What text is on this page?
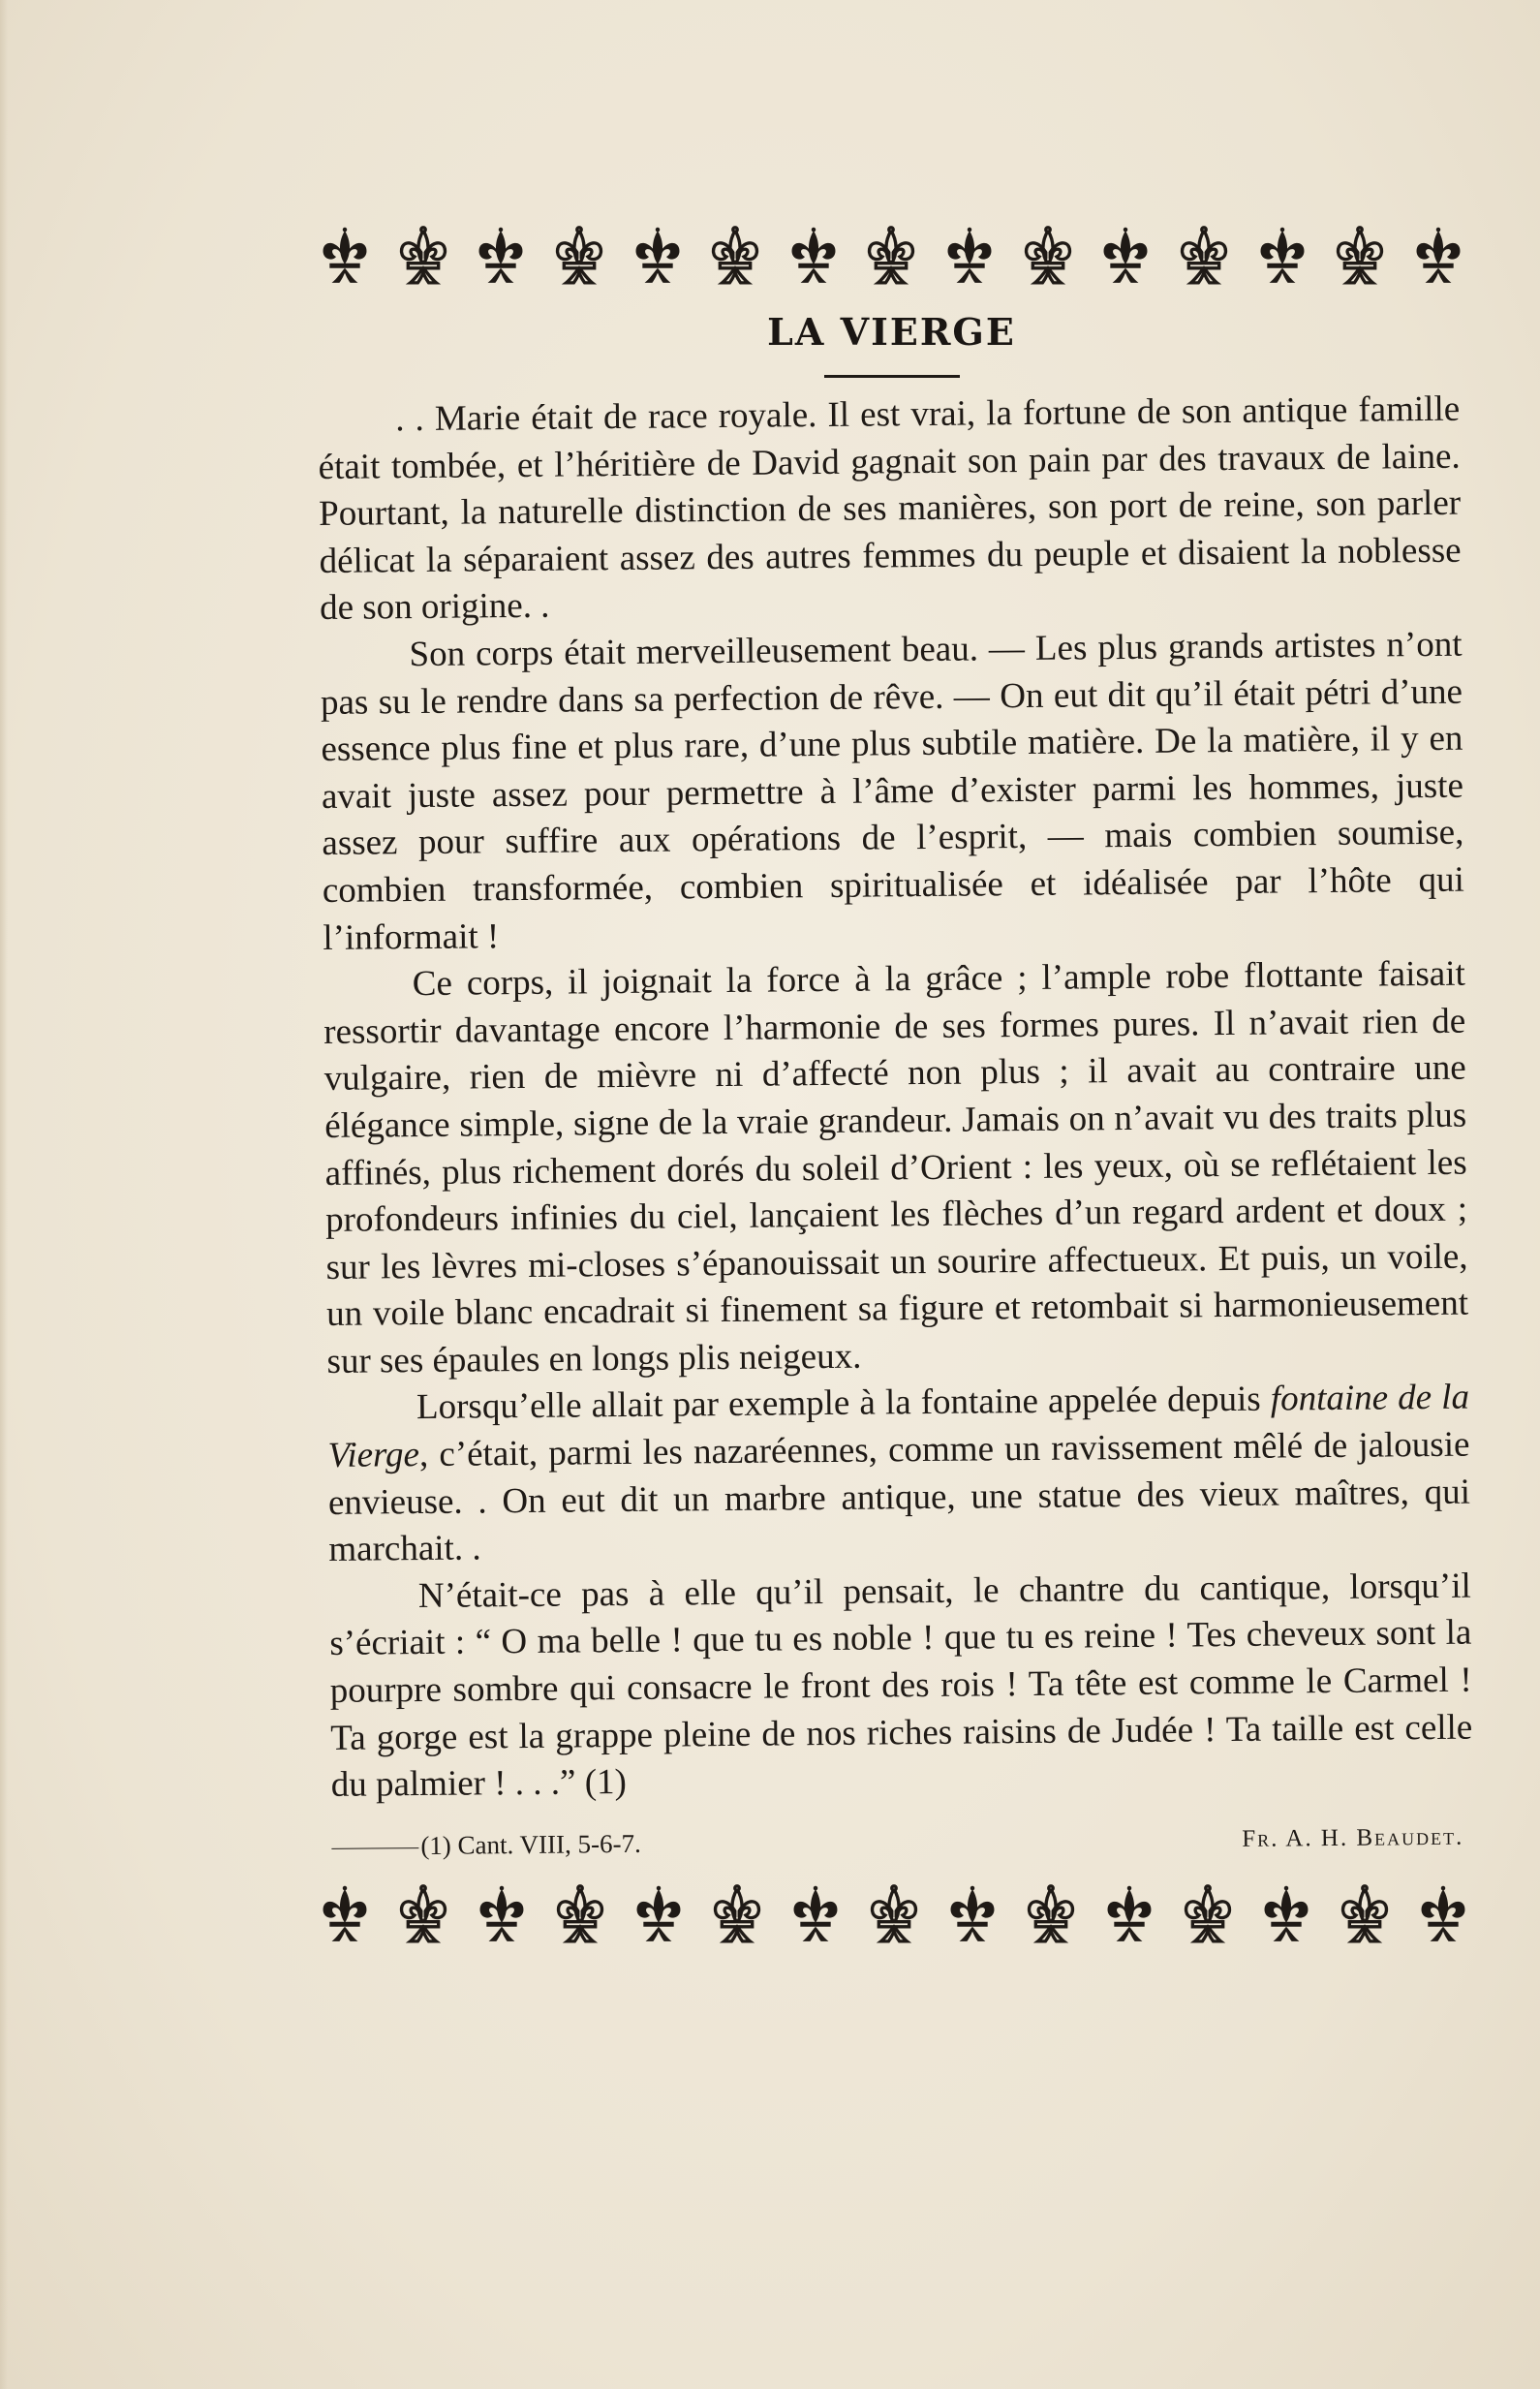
LA VIERGE

. . Marie était de race royale. Il est vrai, la fortune de son antique famille était tombée, et l’héritière de David gagnait son pain par des travaux de laine. Pourtant, la naturelle distinction de ses manières, son port de reine, son parler délicat la séparaient assez des autres femmes du peuple et disaient la noblesse de son origine. .

Son corps était merveilleusement beau. — Les plus grands artistes n’ont pas su le rendre dans sa perfection de rêve. — On eut dit qu’il était pétri d’une essence plus fine et plus rare, d’une plus subtile matière. De la matière, il y en avait juste assez pour permettre à l’âme d’exister parmi les hommes, juste assez pour suffire aux opérations de l’esprit, — mais combien soumise, combien transformée, combien spiritualisée et idéalisée par l’hôte qui l’informait !

Ce corps, il joignait la force à la grâce ; l’ample robe flottante faisait ressortir davantage encore l’harmonie de ses formes pures. Il n’avait rien de vulgaire, rien de mièvre ni d’affecté non plus ; il avait au contraire une élégance simple, signe de la vraie grandeur. Jamais on n’avait vu des traits plus affinés, plus richement dorés du soleil d’Orient : les yeux, où se reflétaient les profondeurs infinies du ciel, lançaient les flèches d’un regard ardent et doux ; sur les lèvres mi-closes s’épanouissait un sourire affectueux. Et puis, un voile, un voile blanc encadrait si finement sa figure et retombait si harmonieusement sur ses épaules en longs plis neigeux.

Lorsqu’elle allait par exemple à la fontaine appelée depuis fontaine de la Vierge, c’était, parmi les nazaréennes, comme un ravissement mêlé de jalousie envieuse. . On eut dit un marbre antique, une statue des vieux maîtres, qui marchait. .

N’était-ce pas à elle qu’il pensait, le chantre du cantique, lorsqu’il s’écriait : “ O ma belle ! que tu es noble ! que tu es reine ! Tes cheveux sont la pourpre sombre qui consacre le front des rois ! Ta tête est comme le Carmel ! Ta gorge est la grappe pleine de nos riches raisins de Judée ! Ta taille est celle du palmier ! . . .” (1)

(1) Cant. VIII, 5-6-7.	Fr. A. H. Beaudet.
